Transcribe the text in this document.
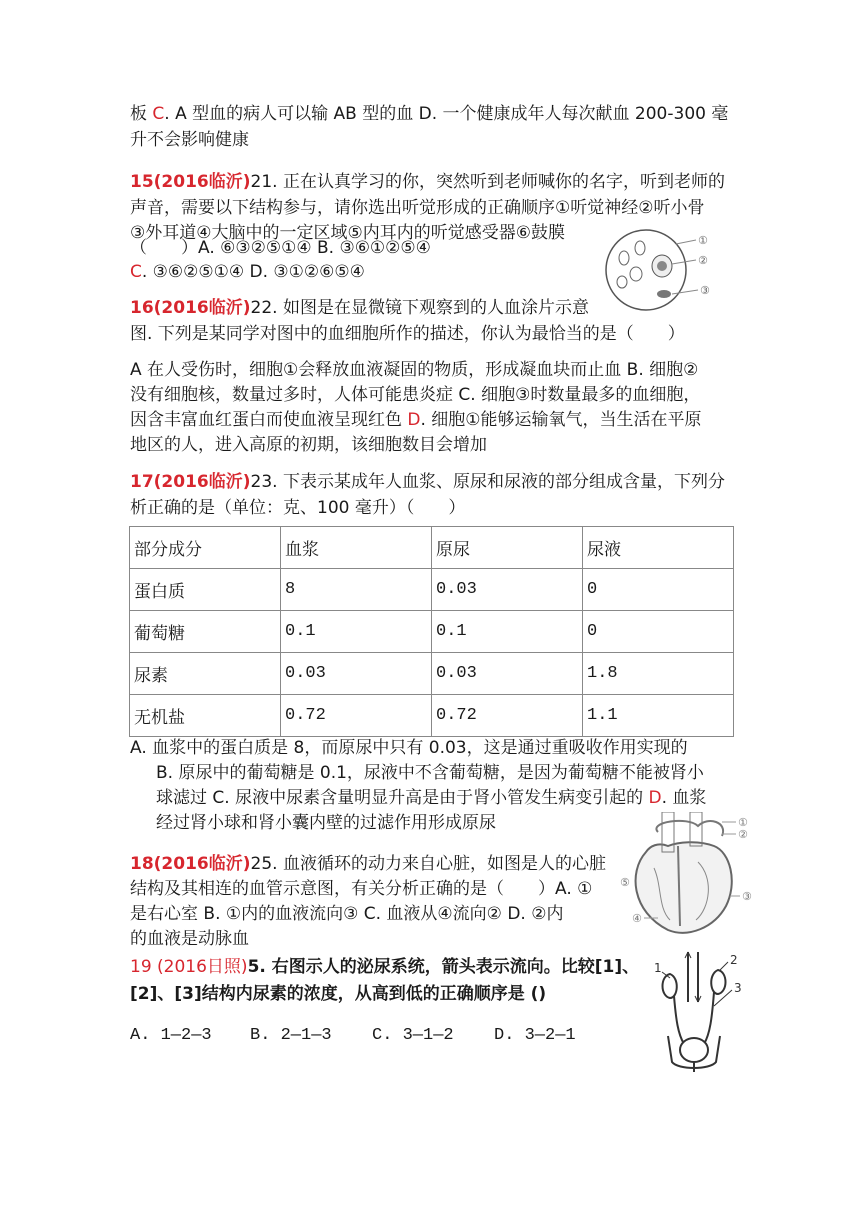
板 C. A 型血的病人可以输 AB 型的血 D. 一个健康成年人每次献血 200-300 毫
升不会影响健康
15(2016临沂)21. 正在认真学习的你，突然听到老师喊你的名字，听到老师的
声音，需要以下结构参与，请你选出听觉形成的正确顺序①听觉神经②听小骨
③外耳道④大脑中的一定区域⑤内耳内的听觉感受器⑥鼓膜
（　　）A. ⑥③②⑤①④ B. ③⑥①②⑤④
C. ③⑥②⑤①④ D. ③①②⑥⑤④
①
②
③
16(2016临沂)22. 如图是在显微镜下观察到的人血涂片示意
图. 下列是某同学对图中的血细胞所作的描述，你认为最恰当的是（　　）
A 在人受伤时，细胞①会释放血液凝固的物质，形成凝血块而止血 B. 细胞②
没有细胞核，数量过多时，人体可能患炎症 C. 细胞③时数量最多的血细胞，
因含丰富血红蛋白而使血液呈现红色 D. 细胞①能够运输氧气，当生活在平原
地区的人，进入高原的初期，该细胞数目会增加
17(2016临沂)23. 下表示某成年人血浆、原尿和尿液的部分组成含量，下列分
析正确的是（单位：克、100 毫升）（　　）
部分成分	血浆	原尿	尿液
蛋白质	8	0.03	0
葡萄糖	0.1	0.1	0
尿素	0.03	0.03	1.8
无机盐	0.72	0.72	1.1
A. 血浆中的蛋白质是 8，而原尿中只有 0.03，这是通过重吸收作用实现的
B. 原尿中的葡萄糖是 0.1，尿液中不含葡萄糖，是因为葡萄糖不能被肾小
球滤过 C. 尿液中尿素含量明显升高是由于肾小管发生病变引起的 D. 血浆
经过肾小球和肾小囊内壁的过滤作用形成原尿	①
②
③
④
⑤
18(2016临沂)25. 血液循环的动力来自心脏，如图是人的心脏
结构及其相连的血管示意图，有关分析正确的是（　　）A. ①
是右心室 B. ①内的血液流向③ C. 血液从④流向② D. ②内
的血液是动脉血
19 (2016日照)5. 右图示人的泌尿系统，箭头表示流向。比较[1]、
[2]、[3]结构内尿素的浓度，从高到低的正确顺序是 ()
A. 1—2—3 B. 2—1—3 C. 3—1—2 D. 3—2—1
1
2
3
